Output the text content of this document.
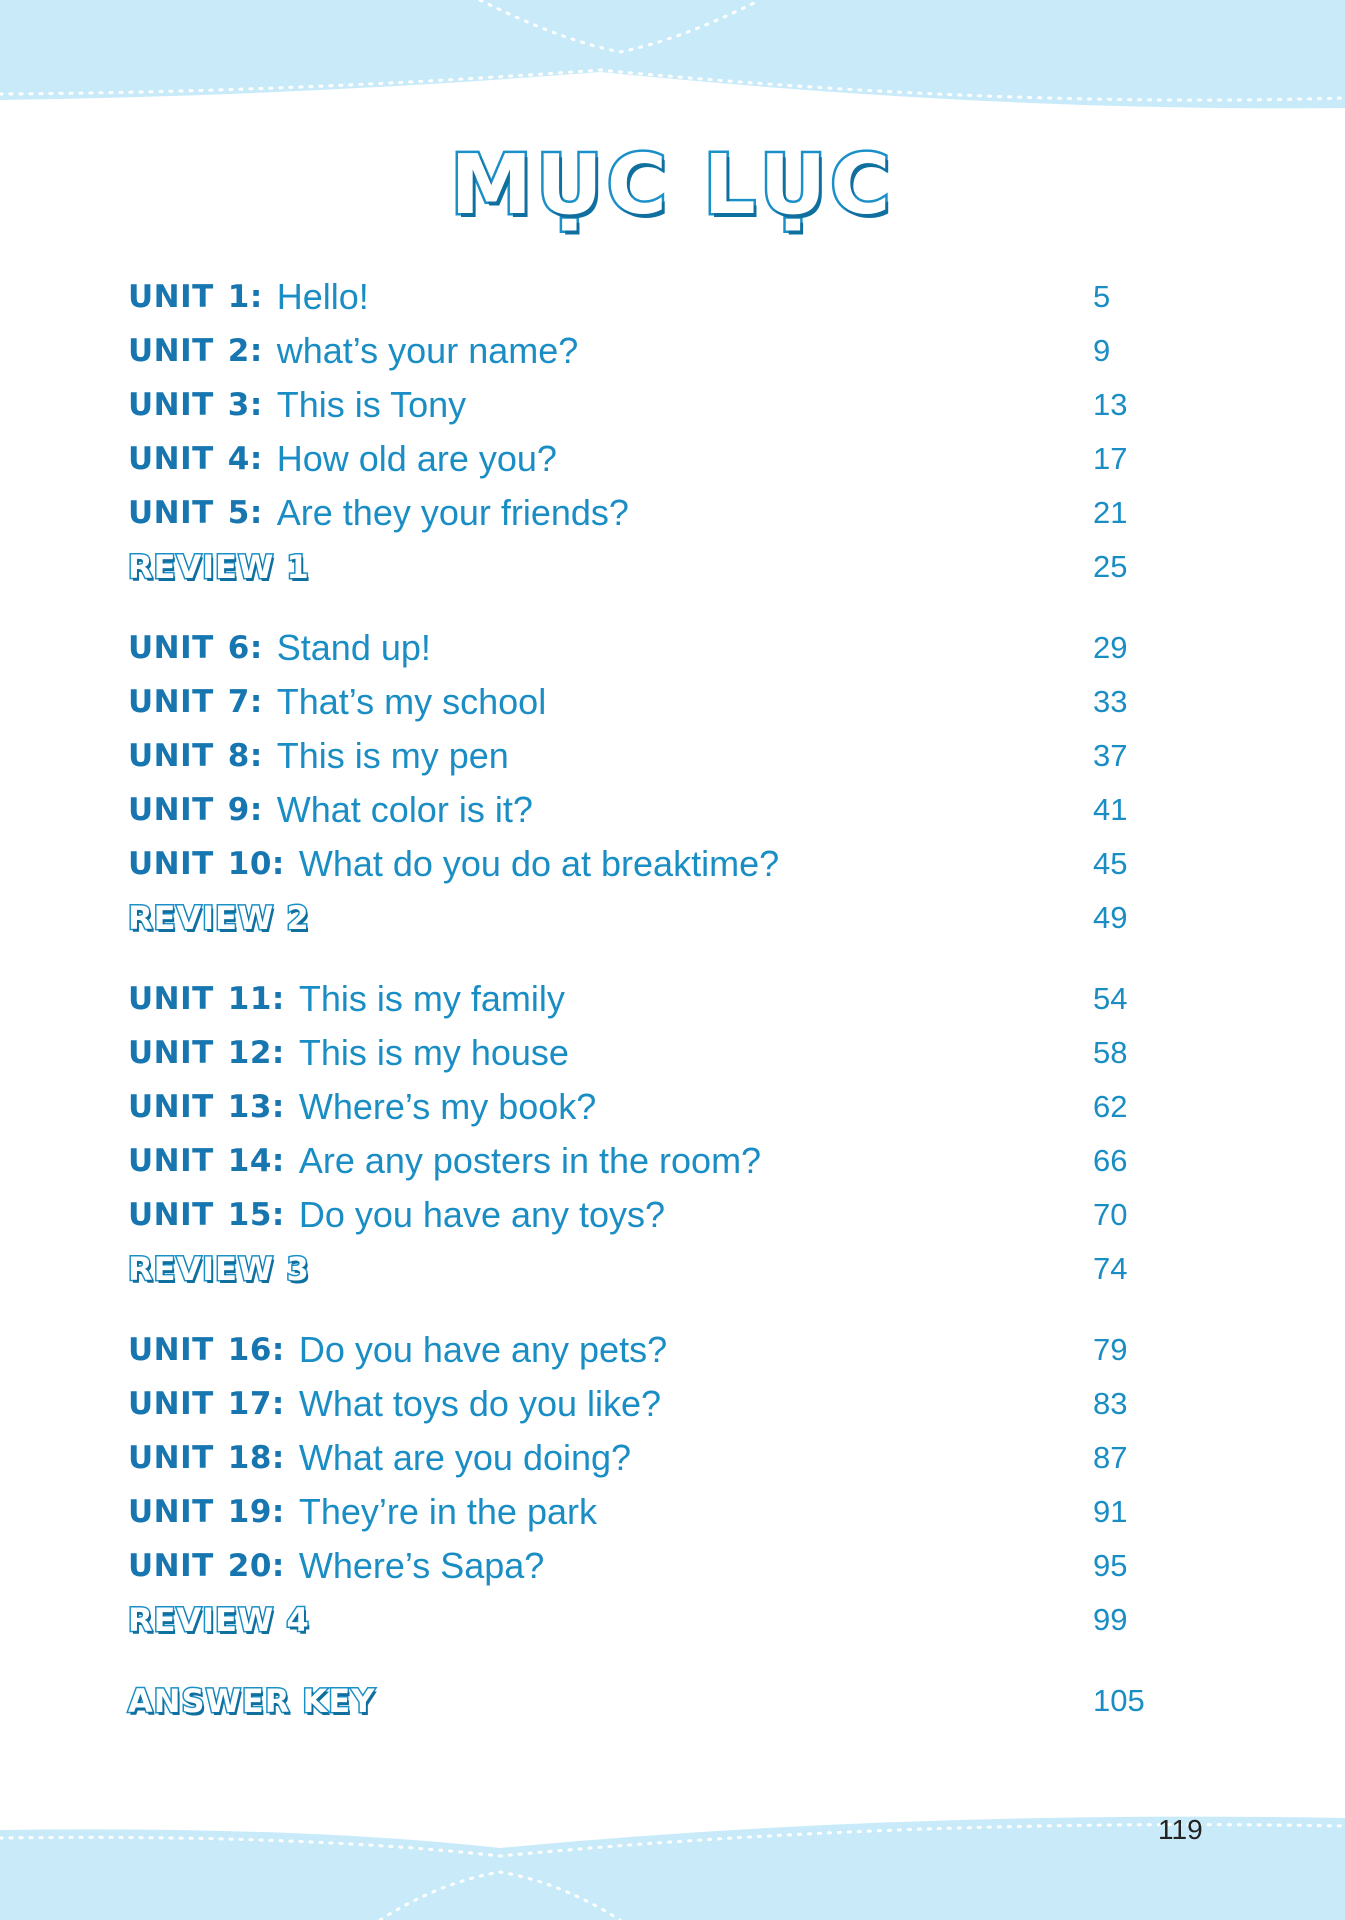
MỤC LỤC
UNIT 1: Hello!	5
UNIT 2: what’s your name?	9
UNIT 3: This is Tony	13
UNIT 4: How old are you?	17
UNIT 5: Are they your friends?	21
REVIEW 1	25
UNIT 6: Stand up!	29
UNIT 7: That’s my school	33
UNIT 8: This is my pen	37
UNIT 9: What color is it?	41
UNIT 10: What do you do at breaktime?	45
REVIEW 2	49
UNIT 11: This is my family	54
UNIT 12: This is my house	58
UNIT 13: Where’s my book?	62
UNIT 14: Are any posters in the room?	66
UNIT 15: Do you have any toys?	70
REVIEW 3	74
UNIT 16: Do you have any pets?	79
UNIT 17: What toys do you like?	83
UNIT 18: What are you doing?	87
UNIT 19: They’re in the park	91
UNIT 20: Where’s Sapa?	95
REVIEW 4	99
ANSWER KEY	105
119
